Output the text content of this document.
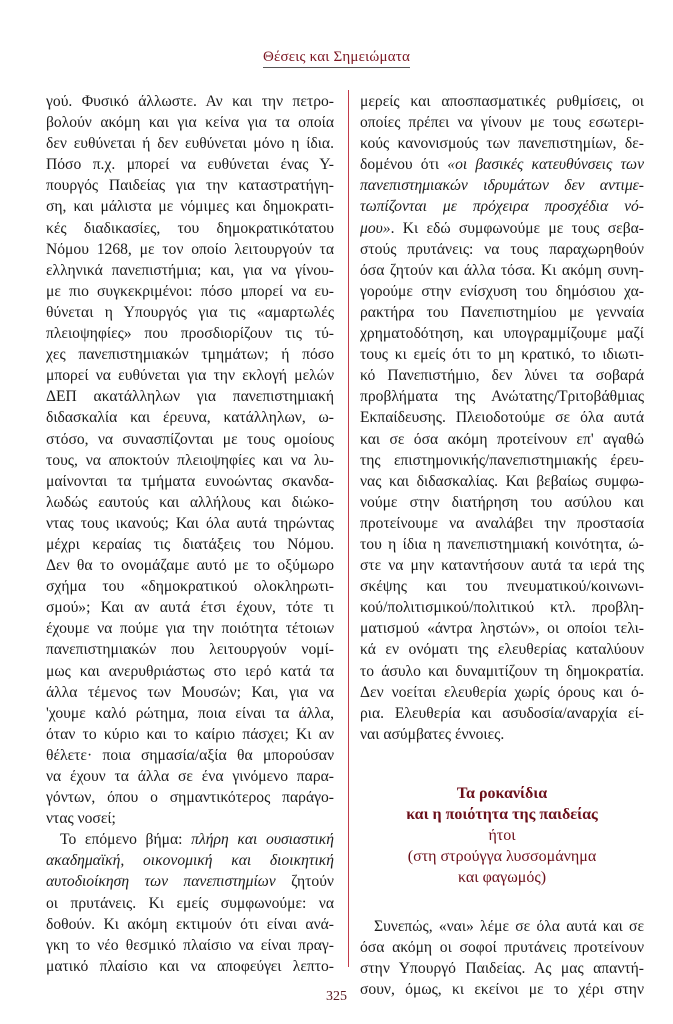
Θέσεις και Σημειώματα
γού. Φυσικό άλλωστε. Αν και την πετρο-
βολούν ακόμη και για κείνα για τα οποία
δεν ευθύνεται ή δεν ευθύνεται μόνο η ίδια.
Πόσο π.χ. μπορεί να ευθύνεται ένας Υ-
πουργός Παιδείας για την καταστρατήγη-
ση, και μάλιστα με νόμιμες και δημοκρατι-
κές διαδικασίες, του δημοκρατικότατου
Νόμου 1268, με τον οποίο λειτουργούν τα
ελληνικά πανεπιστήμια; και, για να γίνου-
με πιο συγκεκριμένοι: πόσο μπορεί να ευ-
θύνεται η Υπουργός για τις «αμαρτωλές
πλειοψηφίες» που προσδιορίζουν τις τύ-
χες πανεπιστημιακών τμημάτων; ή πόσο
μπορεί να ευθύνεται για την εκλογή μελών
ΔΕΠ ακατάλληλων για πανεπιστημιακή
διδασκαλία και έρευνα, κατάλληλων, ω-
στόσο, να συνασπίζονται με τους ομοίους
τους, να αποκτούν πλειοψηφίες και να λυ-
μαίνονται τα τμήματα ευνοώντας σκανδα-
λωδώς εαυτούς και αλλήλους και διώκο-
ντας τους ικανούς; Και όλα αυτά τηρώντας
μέχρι κεραίας τις διατάξεις του Νόμου.
Δεν θα το ονομάζαμε αυτό με το οξύμωρο
σχήμα του «δημοκρατικού ολοκληρωτι-
σμού»; Και αν αυτά έτσι έχουν, τότε τι
έχουμε να πούμε για την ποιότητα τέτοιων
πανεπιστημιακών που λειτουργούν νομί-
μως και ανερυθριάστως στο ιερό κατά τα
άλλα τέμενος των Μουσών; Και, για να
'χουμε καλό ρώτημα, ποια είναι τα άλλα,
όταν το κύριο και το καίριο πάσχει; Κι αν
θέλετε· ποια σημασία/αξία θα μπορούσαν
να έχουν τα άλλα σε ένα γινόμενο παρα-
γόντων, όπου ο σημαντικότερος παράγο-
ντας νοσεί;
Το επόμενο βήμα: πλήρη και ουσιαστική
ακαδημαϊκή, οικονομική και διοικητική
αυτοδιοίκηση των πανεπιστημίων ζητούν
οι πρυτάνεις. Κι εμείς συμφωνούμε: να
δοθούν. Κι ακόμη εκτιμούν ότι είναι ανά-
γκη το νέο θεσμικό πλαίσιο να είναι πραγ-
ματικό πλαίσιο και να αποφεύγει λεπτο-
μερείς και αποσπασματικές ρυθμίσεις, οι
οποίες πρέπει να γίνουν με τους εσωτερι-
κούς κανονισμούς των πανεπιστημίων, δε-
δομένου ότι «οι βασικές κατευθύνσεις των
πανεπιστημιακών ιδρυμάτων δεν αντιμε-
τωπίζονται με πρόχειρα προσχέδια νό-
μου». Κι εδώ συμφωνούμε με τους σεβα-
στούς πρυτάνεις: να τους παραχωρηθούν
όσα ζητούν και άλλα τόσα. Κι ακόμη συνη-
γορούμε στην ενίσχυση του δημόσιου χα-
ρακτήρα του Πανεπιστημίου με γενναία
χρηματοδότηση, και υπογραμμίζουμε μαζί
τους κι εμείς ότι το μη κρατικό, το ιδιωτι-
κό Πανεπιστήμιο, δεν λύνει τα σοβαρά
προβλήματα της Ανώτατης/Τριτοβάθμιας
Εκπαίδευσης. Πλειοδοτούμε σε όλα αυτά
και σε όσα ακόμη προτείνουν επ' αγαθώ
της επιστημονικής/πανεπιστημιακής έρευ-
νας και διδασκαλίας. Και βεβαίως συμφω-
νούμε στην διατήρηση του ασύλου και
προτείνουμε να αναλάβει την προστασία
του η ίδια η πανεπιστημιακή κοινότητα, ώ-
στε να μην καταντήσουν αυτά τα ιερά της
σκέψης και του πνευματικού/κοινωνι-
κού/πολιτισμικού/πολιτικού κτλ. προβλη-
ματισμού «άντρα ληστών», οι οποίοι τελι-
κά εν ονόματι της ελευθερίας καταλύουν
το άσυλο και δυναμιτίζουν τη δημοκρατία.
Δεν νοείται ελευθερία χωρίς όρους και ό-
ρια. Ελευθερία και ασυδοσία/αναρχία εί-
ναι ασύμβατες έννοιες.
Τα ροκανίδια
και η ποιότητα της παιδείας
ήτοι
(στη στρούγγα λυσσομάνημα
και φαγωμός)
Συνεπώς, «ναι» λέμε σε όλα αυτά και σε
όσα ακόμη οι σοφοί πρυτάνεις προτείνουν
στην Υπουργό Παιδείας. Ας μας απαντή-
σουν, όμως, κι εκείνοι με το χέρι στην
325
